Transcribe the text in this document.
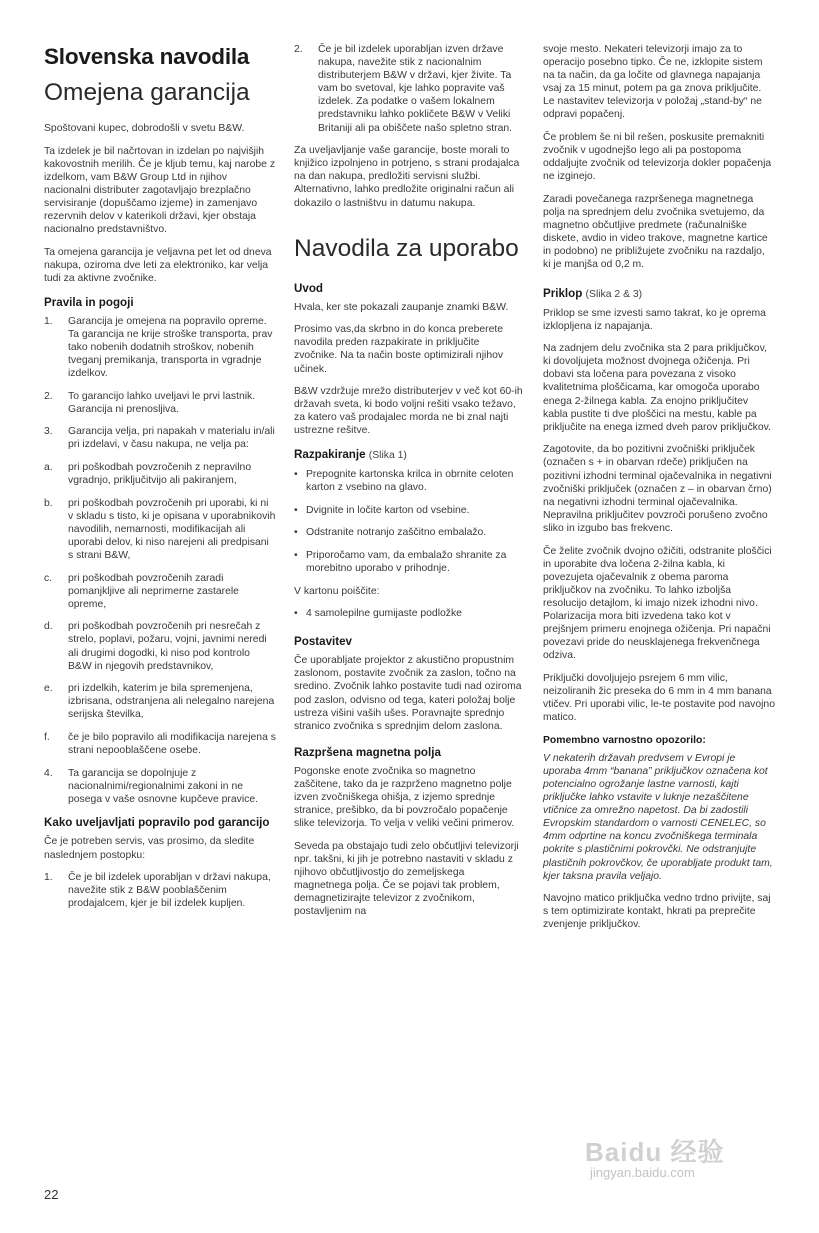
Slovenska navodila
Omejena garancija

Spoštovani kupec, dobrodošli v svetu B&W.

Ta izdelek je bil načrtovan in izdelan po najvišjih kakovostnih merilih. Če je kljub temu, kaj narobe z izdelkom, vam B&W Group Ltd in njihov nacionalni distributer zagotavljajo brezplačno servisiranje (dopuščamo izjeme) in zamenjavo rezervnih delov v katerikoli državi, kjer obstaja nacionalno predstavništvo.

Ta omejena garancija je veljavna pet let od dneva nakupa, oziroma dve leti za elektroniko, kar velja tudi za aktivne zvočnike.

Pravila in pogoji
1. Garancija je omejena na popravilo opreme. Ta garancija ne krije stroške transporta, prav tako nobenih dodatnih stroškov, nobenih tveganj premikanja, transporta in vgradnje izdelkov.
2. To garancijo lahko uveljavi le prvi lastnik. Garancija ni prenosljiva.
3. Garancija velja, pri napakah v materialu in/ali pri izdelavi, v času nakupa, ne velja pa:
a. pri poškodbah povzročenih z nepravilno vgradnjo, priključitvijo ali pakiranjem,
b. pri poškodbah povzročenih pri uporabi, ki ni v skladu s tisto, ki je opisana v uporabnikovih navodilih, nemarnosti, modifikacijah ali uporabi delov, ki niso narejeni ali predpisani s strani B&W,
c. pri poškodbah povzročenih zaradi pomanjkljive ali neprimerne zastarele opreme,
d. pri poškodbah povzročenih pri nesrečah z strelo, poplavi, požaru, vojni, javnimi neredi ali drugimi dogodki, ki niso pod kontrolo B&W in njegovih predstavnikov,
e. pri izdelkih, katerim je bila spremenjena, izbrisana, odstranjena ali nelegalno narejena serijska številka,
f. če je bilo popravilo ali modifikacija narejena s strani nepooblaščene osebe.
4. Ta garancija se dopolnjuje z nacionalnimi/regionalnimi zakoni in ne posega v vaše osnovne kupčeve pravice.
Kako uveljavljati popravilo pod garancijo

Če je potreben servis, vas prosimo, da sledite naslednjem postopku:

1. Če je bil izdelek uporabljan v državi nakupa, navežite stik z B&W pooblaščenim prodajalcem, kjer je bil izdelek kupljen.
2. Če je bil izdelek uporabljan izven države nakupa, navežite stik z nacionalnim distributerjem B&W v državi, kjer živite. Ta vam bo svetoval, kje lahko popravite vaš izdelek. Za podatke o vašem lokalnem predstavniku lahko pokličete B&W v Veliki Britaniji ali pa obiščete našo spletno stran.

Za uveljavljanje vaše garancije, boste morali to knjižico izpolnjeno in potrjeno, s strani prodajalca na dan nakupa, predložiti servisni službi. Alternativno, lahko predložite originalni račun ali dokazilo o lastništvu in datumu nakupa.

Navodila za uporabo
Uvod

Hvala, ker ste pokazali zaupanje znamki B&W.

Prosimo vas,da skrbno in do konca preberete navodila preden razpakirate in priključite zvočnike. Na ta način boste optimizirali njihov učinek.

B&W vzdržuje mrežo distributerjev v več kot 60-ih državah sveta, ki bodo voljni rešiti vsako težavo, za katero vaš prodajalec morda ne bi znal najti ustrezne rešitve.

Razpakiranje (Slika 1)
• Prepognite kartonska krilca in obrnite celoten karton z vsebino na glavo.
• Dvignite in ločite karton od vsebine.
• Odstranite notranjo zaščitno embalažo.
• Priporočamo vam, da embalažo shranite za morebitno uporabo v prihodnje.

V kartonu poiščite:

• 4 samolepilne gumijaste podložke
Postavitev

Če uporabljate projektor z akustično propustnim zaslonom, postavite zvočnik za zaslon, točno na sredino. Zvočnik lahko postavite tudi nad oziroma pod zaslon, odvisno od tega, kateri položaj bolje ustreza višini vaših ušes. Poravnajte sprednjo stranico zvočnika s sprednjim delom zaslona.

Razpršena magnetna polja

Pogonske enote zvočnika so magnetno zaščitene, tako da je razprženo magnetno polje izven zvočniškega ohišja, z izjemo sprednje stranice, prešibko, da bi povzročalo popačenje slike televizorja. To velja v veliki večini primerov.

Seveda pa obstajajo tudi zelo občutljivi televizorji npr. takšni, ki jih je potrebno nastaviti v skladu z njihovo občutljivostjo do zemeljskega magnetnega polja. Če se pojavi tak problem, demagnetizirajte televizor z zvočnikom, postavljenim na

svoje mesto. Nekateri televizorji imajo za to operacijo posebno tipko. Če ne, izklopite sistem na ta način, da ga ločite od glavnega napajanja vsaj za 15 minut, potem pa ga znova priključite. Le nastavitev televizorja v položaj „stand-by“ ne odpravi popačenj.

Če problem še ni bil rešen, poskusite premakniti zvočnik v ugodnejšo lego ali pa postopoma oddaljujte zvočnik od televizorja dokler popačenja ne izginejo.

Zaradi povečanega razpršenega magnetnega polja na sprednjem delu zvočnika svetujemo, da magnetno občutljive predmete (računalniške diskete, avdio in video trakove, magnetne kartice in podobno) ne približujete zvočniku na razdaljo, ki je manjša od 0,2 m.

Priklop (Slika 2 & 3)

Priklop se sme izvesti samo takrat, ko je oprema izklopljena iz napajanja.

Na zadnjem delu zvočnika sta 2 para priključkov, ki dovoljujeta možnost dvojnega ožičenja. Pri dobavi sta ločena para povezana z visoko kvalitetnima ploščicama, kar omogoča uporabo enega 2-žilnega kabla. Za enojno priključitev kabla pustite ti dve ploščici na mestu, kable pa priključite na enega izmed dveh parov priključkov.

Zagotovite, da bo pozitivni zvočniški priključek (označen s + in obarvan rdeče) priključen na pozitivni izhodni terminal ojačevalnika in negativni zvočniški priključek (označen z – in obarvan črno) na negativni izhodni terminal ojačevalnika. Nepravilna priključitev povzroči porušeno zvočno sliko in izgubo bas frekvenc.

Če želite zvočnik dvojno ožičiti, odstranite ploščici in uporabite dva ločena 2-žilna kabla, ki povezujeta ojačevalnik z obema paroma priključkov na zvočniku. To lahko izboljša resolucijo detajlom, ki imajo nizek izhodni nivo. Polarizacija mora biti izvedena tako kot v prejšnjem primeru enojnega ožičenja. Pri napačni povezavi pride do neusklajenega frekvenčnega odziva.

Priključki dovoljujejo psrejem 6 mm vilic, neizoliranih žic preseka do 6 mm in 4 mm banana vtičev. Pri uporabi vilic, le-te postavite pod navojno matico.

Pomembno varnostno opozorilo:

V nekaterih državah predvsem v Evropi je uporaba 4mm “banana” priključkov označena kot potencialno ogrožanje lastne varnosti, kajti priključke lahko vstavite v luknje nezaščitene vtičnice za omrežno napetost. Da bi zadostili Evropskim standardom o varnosti CENELEC, so 4mm odprtine na koncu zvočniškega terminala pokrite s plastičnimi pokrovčki. Ne odstranjujte plastičnih pokrovčkov, če uporabljate produkt tam, kjer taksna pravila veljajo.

Navojno matico priključka vedno trdno privijte, saj s tem optimizirate kontakt, hkrati pa preprečite zvenjenje priključkov.

22
Baidu 经验
jingyan.baidu.com
